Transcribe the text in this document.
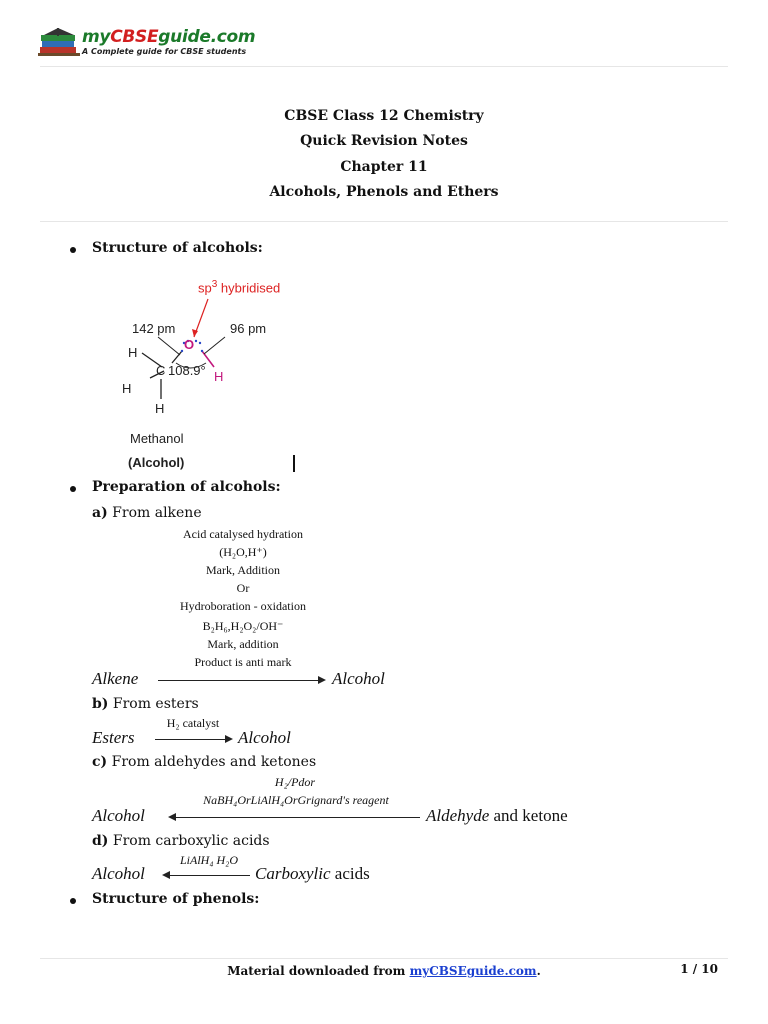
myCBSEguide.com
A Complete guide for CBSE students
CBSE Class 12 Chemistry
Quick Revision Notes
Chapter 11
Alcohols, Phenols and Ethers
Structure of alcohols:
$sp^3$ hybridised
142 pm	96 pm
O
H
C 108.9° H
H
H
Methanol
(Alcohol)
Preparation of alcohols:
a) From alkene
Acid catalysed hydration
(H₂O,H⁺)
Mark, Addition
Or
Hydroboration - oxidation
B₂H₆,H₂O₂/OH⁻
Mark, addition
Product is anti mark
Alkene	Alcohol
b) From esters
H₂ catalyst
Esters	Alcohol
c) From aldehydes and ketones
H₂/Pdor
NaBH₄OrLiAlH₄OrGrignard's reagent
Alcohol	Aldehyde and ketone
d) From carboxylic acids
LiAlH₄ H₂O
Alcohol	Carboxylic acids
Structure of phenols:
Material downloaded from myCBSEguide.com.	1 / 10
